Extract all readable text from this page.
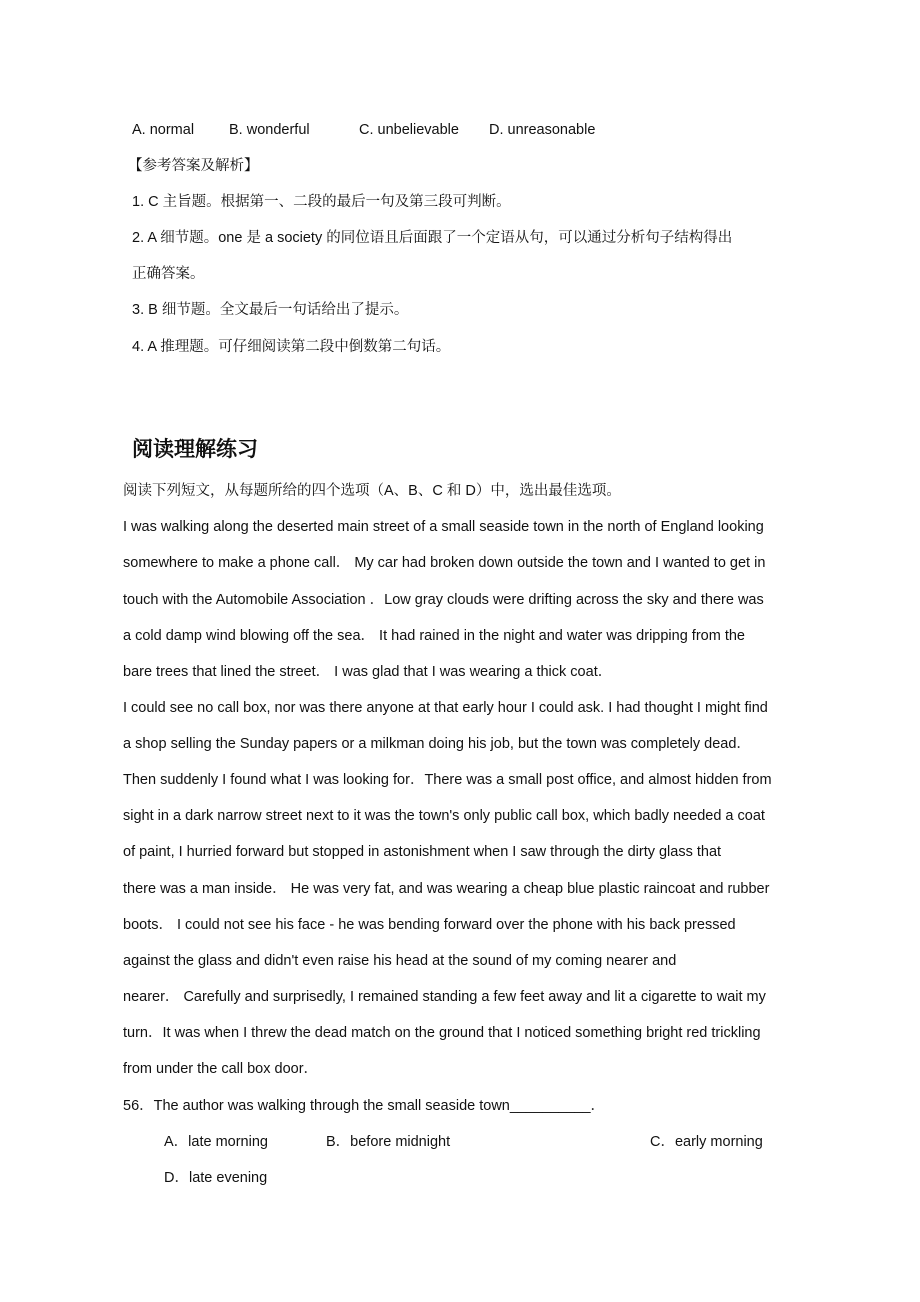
A. normal B. wonderful	C. unbelievable D. unreasonable
【参考答案及解析】
1. C 主旨题。根据第一、二段的最后一句及第三段可判断。
2. A 细节题。one 是 a society 的同位语且后面跟了一个定语从句，可以通过分析句子结构得出
正确答案。
3. B 细节题。全文最后一句话给出了提示。
4. A 推理题。可仔细阅读第二段中倒数第二句话。
阅读理解练习
阅读下列短文，从每题所给的四个选项（A、B、C 和 D）中，选出最佳选项。
I was walking along the deserted main street of a small seaside town in the north of England looking
somewhere to make a phone call． My car had broken down outside the town and I wanted to get in
touch with the Automobile Association ．Low gray clouds were drifting across the sky and there was
a cold damp wind blowing off the sea． It had rained in the night and water was dripping from the
bare trees that lined the street． I was glad that I was wearing a thick coat．
I could see no call box, nor was there anyone at that early hour I could ask. I had thought I might find
a shop selling the Sunday papers or a milkman doing his job, but the town was completely dead．
Then suddenly I found what I was looking for．There was a small post office, and almost hidden from
sight in a dark narrow street next to it was the town's only public call box, which badly needed a coat
of paint, I hurried forward but stopped in astonishment when I saw through the dirty glass that
there was a man inside． He was very fat, and was wearing a cheap blue plastic raincoat and rubber
boots． I could not see his face - he was bending forward over the phone with his back pressed
against the glass and didn't even raise his head at the sound of my coming nearer and
nearer． Carefully and surprisedly, I remained standing a few feet away and lit a cigarette to wait my
turn．It was when I threw the dead match on the ground that I noticed something bright red trickling
from under the call box door．
56．The author was walking through the small seaside town__________．
A．late morning	B．before midnight	C．early morning
D．late evening
